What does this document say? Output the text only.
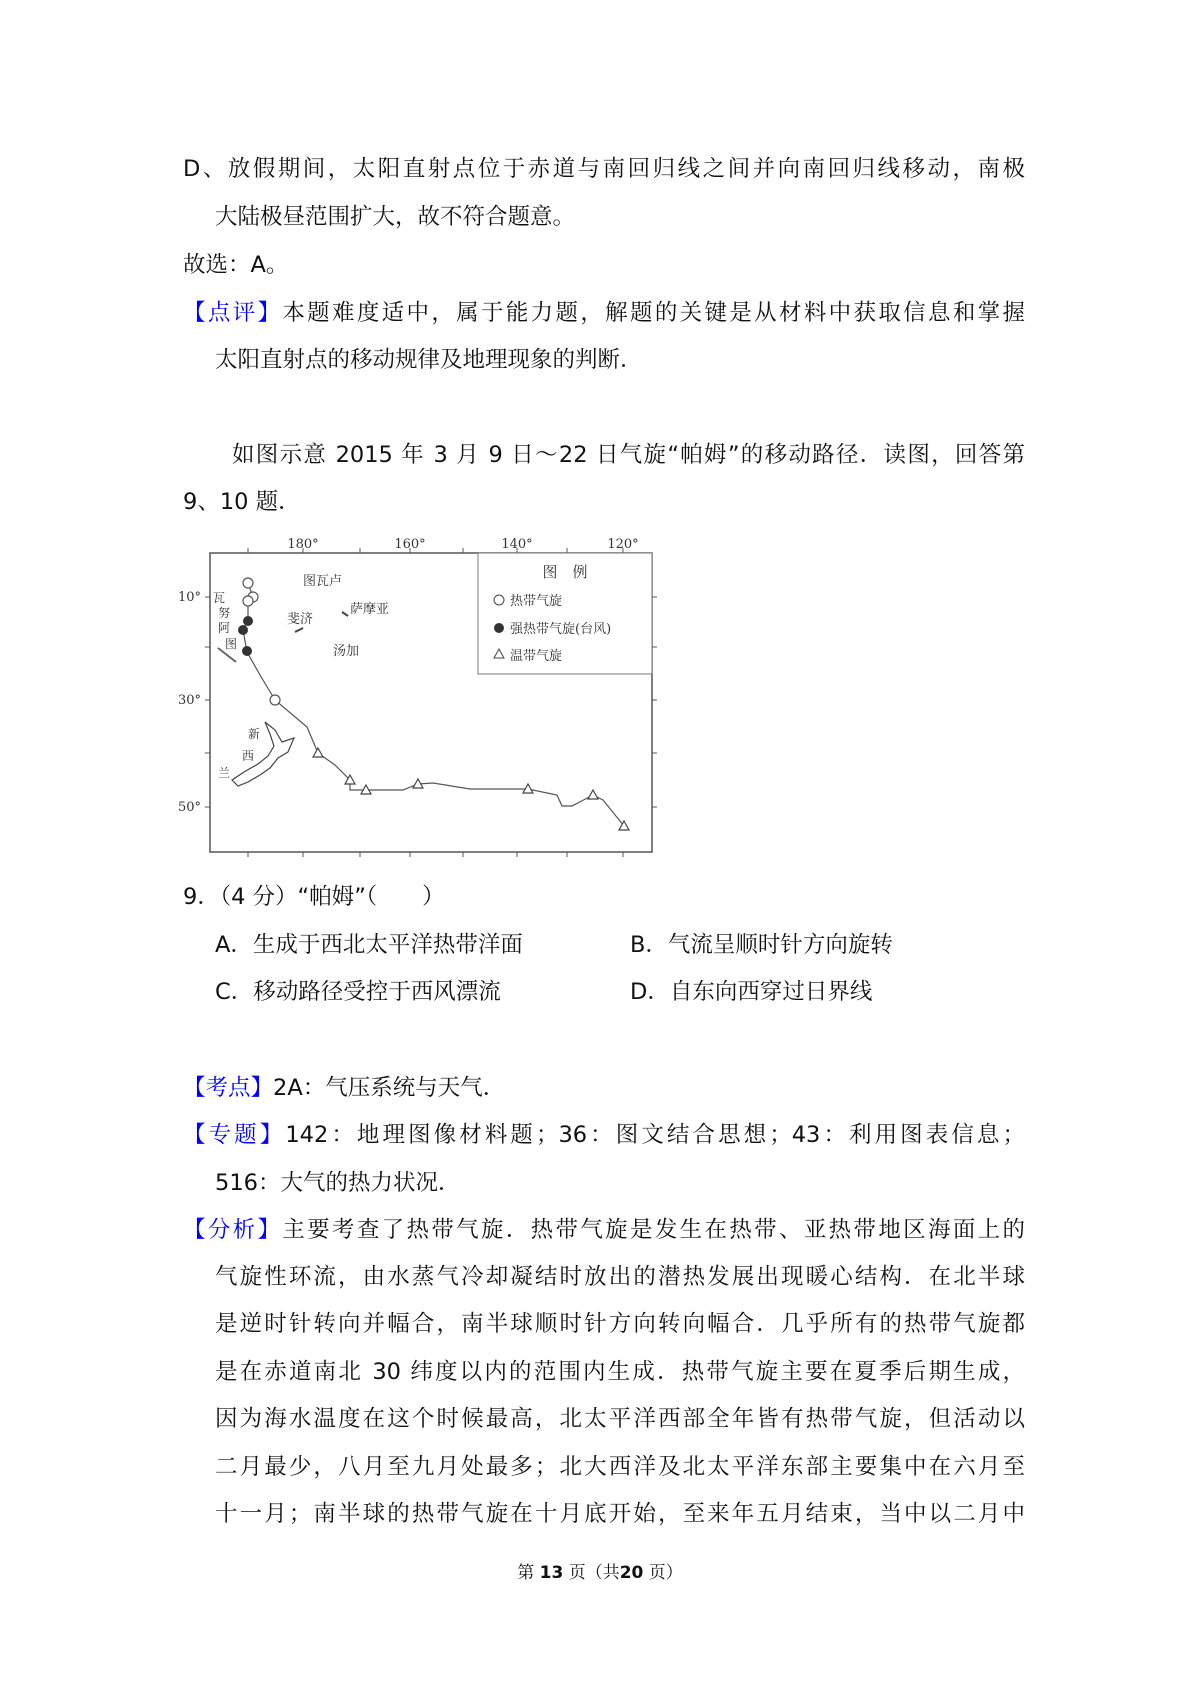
D、放假期间，太阳直射点位于赤道与南回归线之间并向南回归线移动，南极
大陆极昼范围扩大，故不符合题意。
故选：A。
【点评】本题难度适中，属于能力题，解题的关键是从材料中获取信息和掌握
太阳直射点的移动规律及地理现象的判断．
如图示意 2015 年 3 月 9 日～22 日气旋“帕姆”的移动路径．读图，回答第
9、10 题．
180°	160°	140°	120°
10°
30°
50°
图瓦卢
萨摩亚
斐济
汤加
瓦
努
阿
图
新
西
兰
图　例
热带气旋
强热带气旋(台风)
温带气旋
9．（4 分）“帕姆”（　　）
A．生成于西北太平洋热带洋面	B．气流呈顺时针方向旋转
C．移动路径受控于西风漂流	D．自东向西穿过日界线
【考点】2A：气压系统与天气．
【专题】142：地理图像材料题；36：图文结合思想；43：利用图表信息；
516：大气的热力状况．
【分析】主要考查了热带气旋．热带气旋是发生在热带、亚热带地区海面上的
气旋性环流，由水蒸气冷却凝结时放出的潜热发展出现暖心结构．在北半球
是逆时针转向并幅合，南半球顺时针方向转向幅合．几乎所有的热带气旋都
是在赤道南北 30 纬度以内的范围内生成．热带气旋主要在夏季后期生成，
因为海水温度在这个时候最高，北太平洋西部全年皆有热带气旋，但活动以
二月最少，八月至九月处最多；北大西洋及北太平洋东部主要集中在六月至
十一月；南半球的热带气旋在十月底开始，至来年五月结束，当中以二月中
第 13 页（共20 页）
